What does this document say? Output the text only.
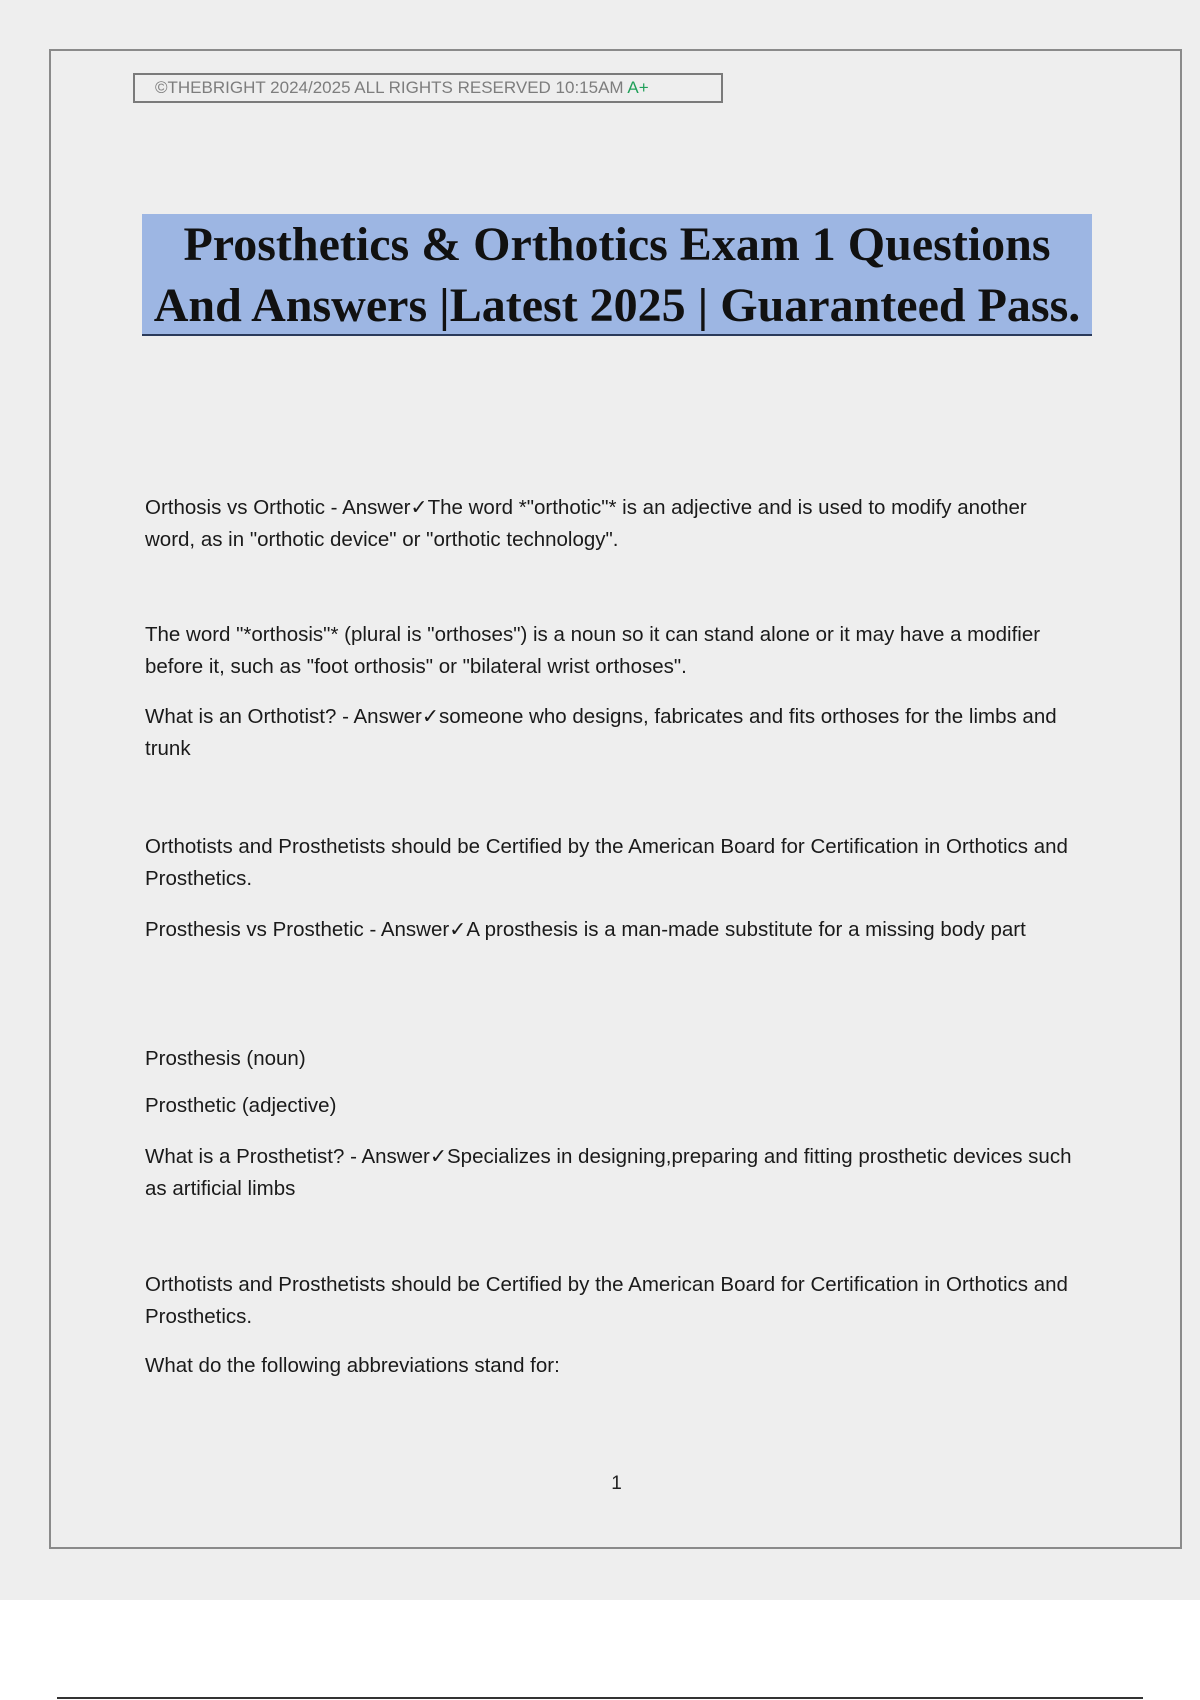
©THEBRIGHT 2024/2025 ALL RIGHTS RESERVED 10:15AM A+
Prosthetics & Orthotics Exam 1 Questions
And Answers |Latest 2025 | Guaranteed Pass.

Orthosis vs Orthotic - Answer✓The word *"orthotic"* is an adjective and is used to modify another word, as in "orthotic device" or "orthotic technology".

The word "*orthosis"* (plural is "orthoses") is a noun so it can stand alone or it may have a modifier before it, such as "foot orthosis" or "bilateral wrist orthoses".

What is an Orthotist? - Answer✓someone who designs, fabricates and fits orthoses for the limbs and trunk

Orthotists and Prosthetists should be Certified by the American Board for Certification in Orthotics and Prosthetics.

Prosthesis vs Prosthetic - Answer✓A prosthesis is a man-made substitute for a missing body part

Prosthesis (noun)

Prosthetic (adjective)

What is a Prosthetist? - Answer✓Specializes in designing,preparing and fitting prosthetic devices such as artificial limbs

Orthotists and Prosthetists should be Certified by the American Board for Certification in Orthotics and Prosthetics.

What do the following abbreviations stand for:

1
